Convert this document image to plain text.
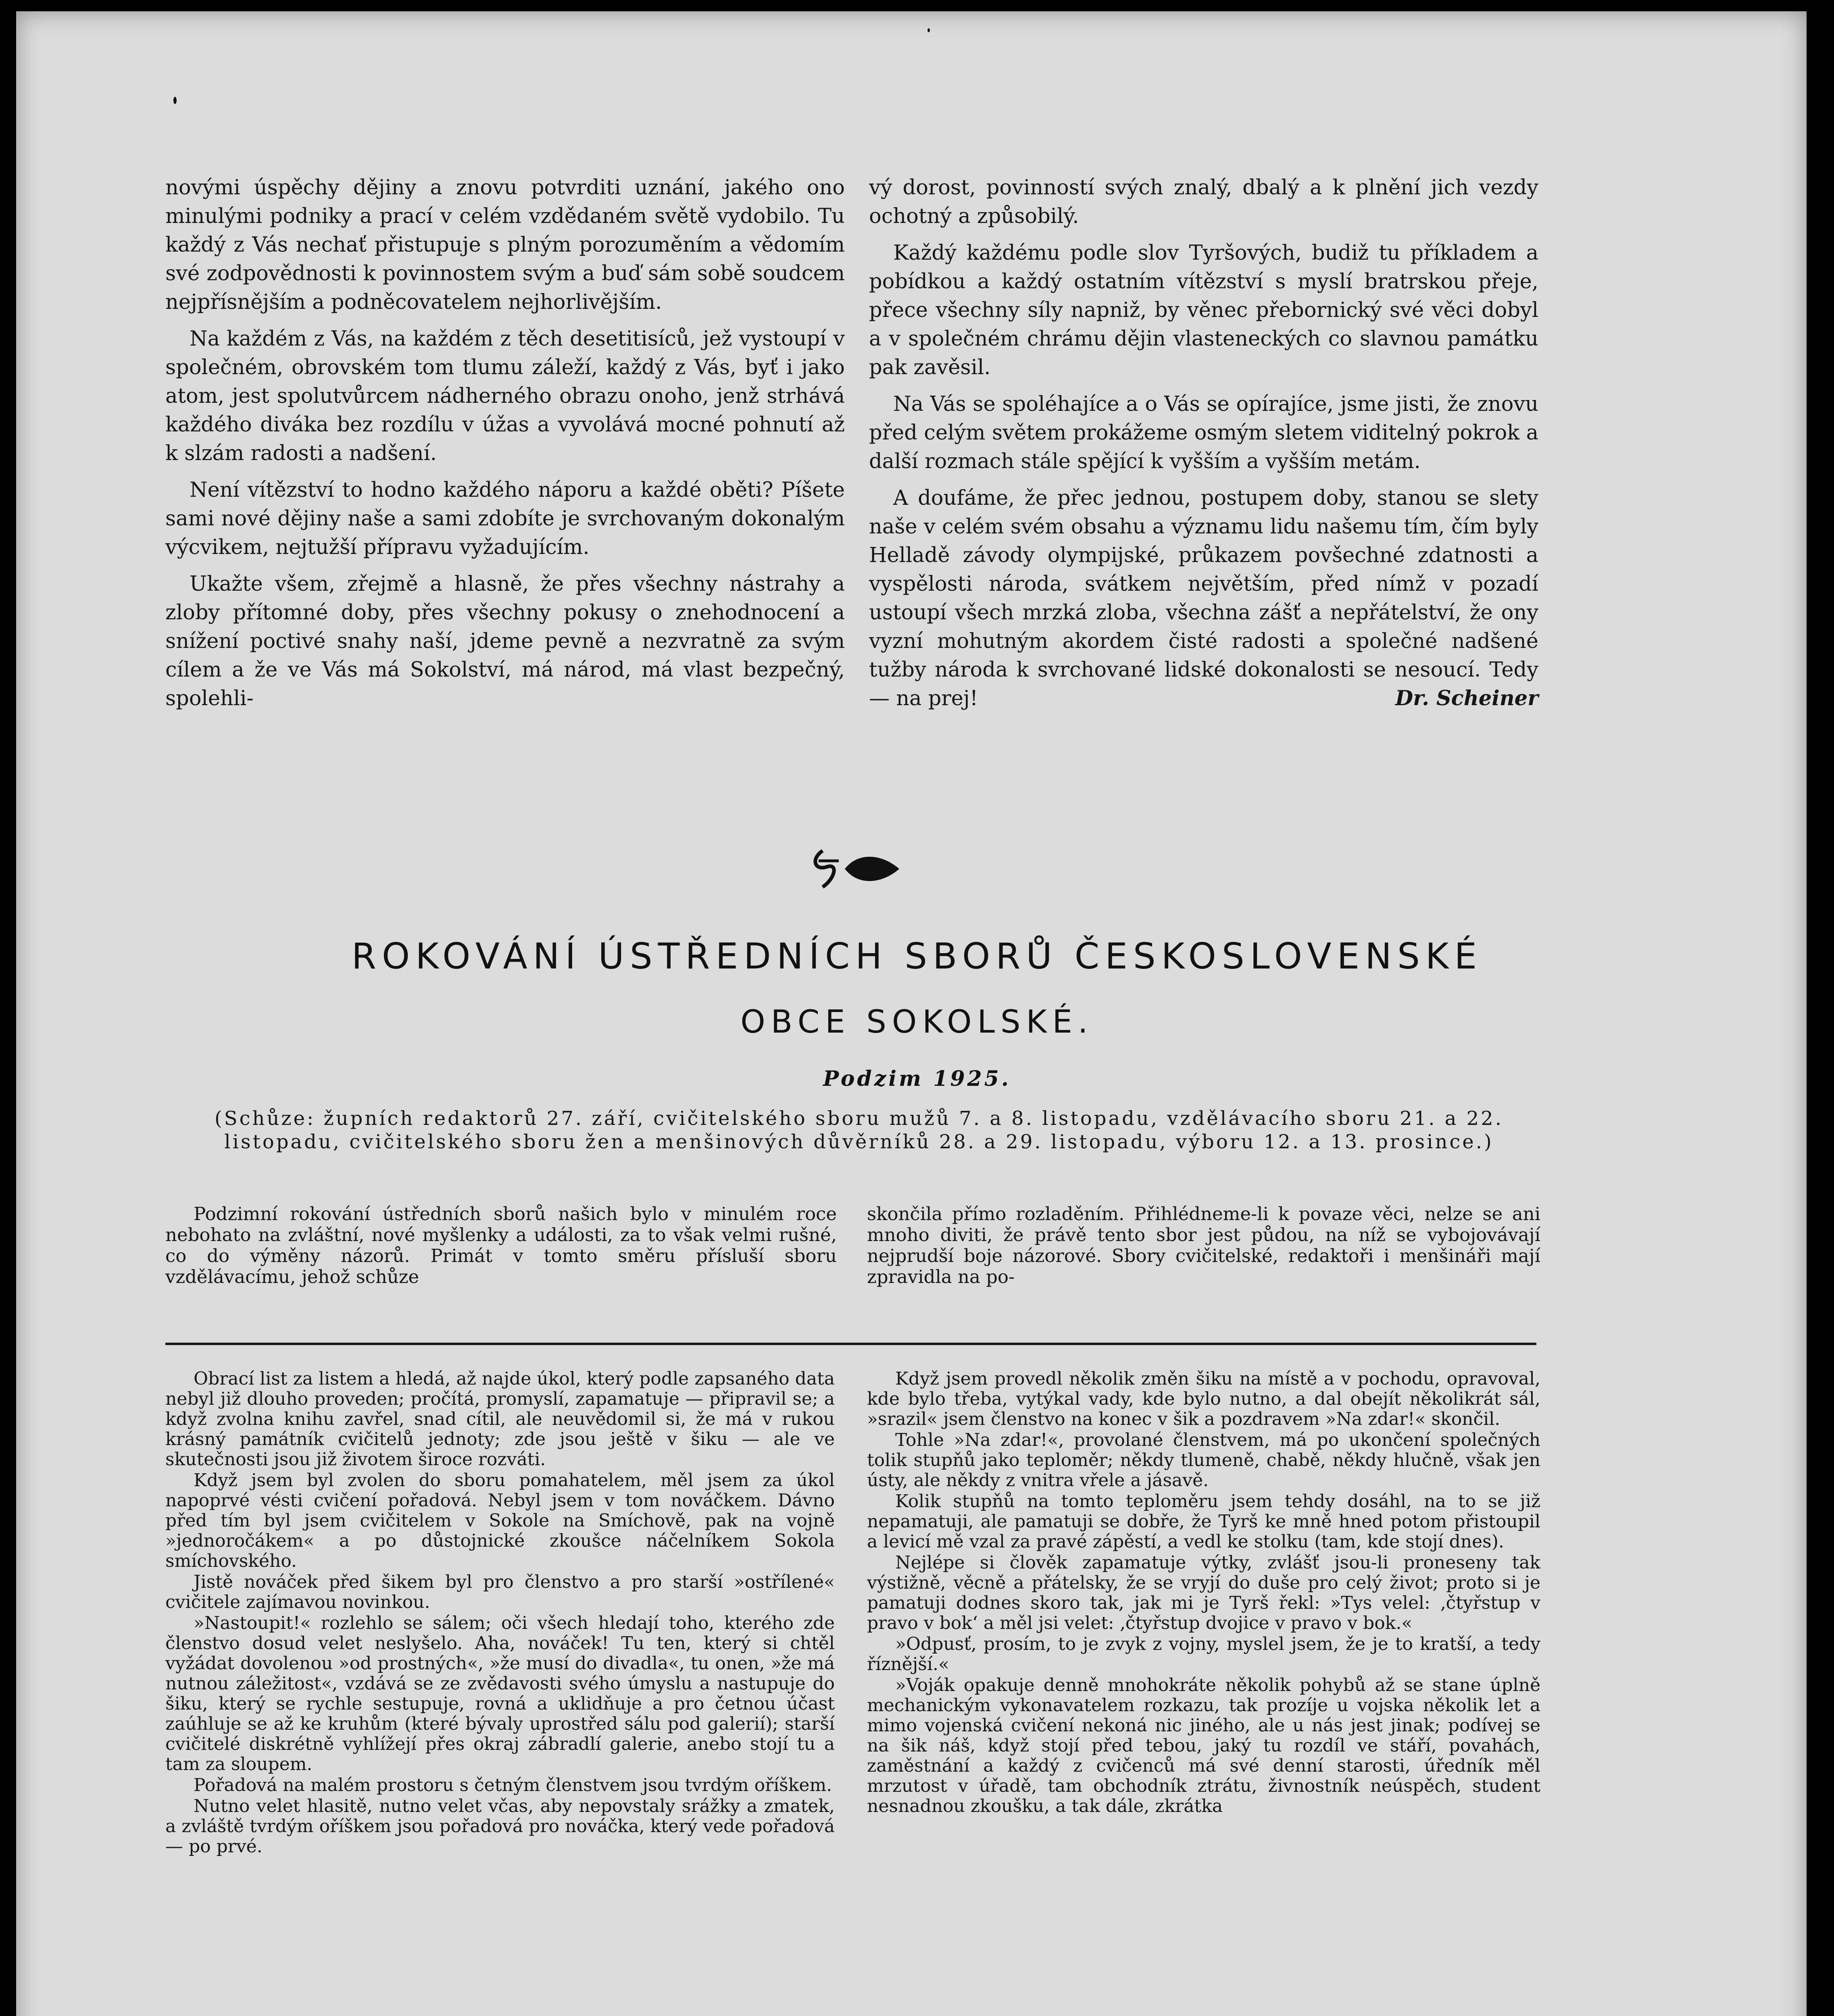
novými úspěchy dějiny a znovu potvrditi uznání, jakého ono minulými podniky a prací v celém vzdědaném světě vydobilo. Tu každý z Vás nechať přistupuje s plným porozuměním a vědomím své zodpovědnosti k povinnostem svým a buď sám sobě soudcem nejpřísnějším a podněcovatelem nejhorlivějším.

Na každém z Vás, na každém z těch desetitisíců, jež vystoupí v společném, obrovském tom tlumu záleží, každý z Vás, byť i jako atom, jest spolutvůrcem nádherného obrazu onoho, jenž strhává každého diváka bez rozdílu v úžas a vyvolává mocné pohnutí až k slzám radosti a nadšení.

Není vítězství to hodno každého náporu a každé oběti? Píšete sami nové dějiny naše a sami zdobíte je svrchovaným dokonalým výcvikem, nejtužší přípravu vyžadujícím.

Ukažte všem, zřejmě a hlasně, že přes všechny nástrahy a zloby přítomné doby, přes všechny pokusy o znehodnocení a snížení poctivé snahy naší, jdeme pevně a nezvratně za svým cílem a že ve Vás má Sokolství, má národ, má vlast bezpečný, spolehli-

vý dorost, povinností svých znalý, dbalý a k plnění jich vezdy ochotný a způsobilý.

Každý každému podle slov Tyršových, budiž tu příkladem a pobídkou a každý ostatním vítězství s myslí bratrskou přeje, přece všechny síly napniž, by věnec přebornický své věci dobyl a v společném chrámu dějin vlasteneckých co slavnou památku pak zavěsil.

Na Vás se spoléhajíce a o Vás se opírajíce, jsme jisti, že znovu před celým světem prokážeme osmým sletem viditelný pokrok a další rozmach stále spějící k vyšším a vyšším metám.

A doufáme, že přec jednou, postupem doby, stanou se slety naše v celém svém obsahu a významu lidu našemu tím, čím byly Helladě závody olympijské, průkazem povšechné zdatnosti a vyspělosti národa, svátkem největším, před nímž v pozadí ustoupí všech mrzká zloba, všechna zášť a nepřátelství, že ony vyzní mohutným akordem čisté radosti a společné nadšené tužby národa k svrchované lidské dokonalosti se nesoucí. Tedy — na prej!	Dr. Scheiner

ROKOVÁNÍ ÚSTŘEDNÍCH SBORŮ ČESKOSLOVENSKÉ
OBCE SOKOLSKÉ.
Podzim 1925.
(Schůze: župních redaktorů 27. září, cvičitelského sboru mužů 7. a 8. listopadu, vzdělávacího sboru 21. a 22. listopadu, cvičitelského sboru žen a menšinových důvěrníků 28. a 29. listopadu, výboru 12. a 13. prosince.)

Podzimní rokování ústředních sborů našich bylo v minulém roce nebohato na zvláštní, nové myšlenky a události, za to však velmi rušné, co do výměny názorů. Primát v tomto směru přísluší sboru vzdělávacímu, jehož schůze

skončila přímo rozladěním. Přihlédneme-li k povaze věci, nelze se ani mnoho diviti, že právě tento sbor jest půdou, na níž se vybojovávají nejprudší boje názorové. Sbory cvičitelské, redaktoři i menšináři mají zpravidla na po-

Obrací list za listem a hledá, až najde úkol, který podle zapsaného data nebyl již dlouho proveden; pročítá, promyslí, zapamatuje — připravil se; a když zvolna knihu zavřel, snad cítil, ale neuvědomil si, že má v rukou krásný památník cvičitelů jednoty; zde jsou ještě v šiku — ale ve skutečnosti jsou již životem široce rozváti.

Když jsem byl zvolen do sboru pomahatelem, měl jsem za úkol napoprvé vésti cvičení pořadová. Nebyl jsem v tom nováčkem. Dávno před tím byl jsem cvičitelem v Sokole na Smíchově, pak na vojně »jednoročákem« a po důstojnické zkoušce náčelníkem Sokola smíchovského.

Jistě nováček před šikem byl pro členstvo a pro starší »ostřílené« cvičitele zajímavou novinkou.

»Nastoupit!« rozlehlo se sálem; oči všech hledají toho, kterého zde členstvo dosud velet neslyšelo. Aha, nováček! Tu ten, který si chtěl vyžádat dovolenou »od prostných«, »že musí do divadla«, tu onen, »že má nutnou záležitost«, vzdává se ze zvědavosti svého úmyslu a nastupuje do šiku, který se rychle sestupuje, rovná a uklidňuje a pro četnou účast zaúhluje se až ke kruhům (které bývaly uprostřed sálu pod galerií); starší cvičitelé diskrétně vyhlížejí přes okraj zábradlí galerie, anebo stojí tu a tam za sloupem.

Pořadová na malém prostoru s četným členstvem jsou tvrdým oříškem.

Nutno velet hlasitě, nutno velet včas, aby nepovstaly srážky a zmatek, a zvláště tvrdým oříškem jsou pořadová pro nováčka, který vede pořadová — po prvé.

Když jsem provedl několik změn šiku na místě a v pochodu, opravoval, kde bylo třeba, vytýkal vady, kde bylo nutno, a dal obejít několikrát sál, »srazil« jsem členstvo na konec v šik a pozdravem »Na zdar!« skončil.

Tohle »Na zdar!«, provolané členstvem, má po ukončení společných tolik stupňů jako teploměr; někdy tlumeně, chabě, někdy hlučně, však jen ústy, ale někdy z vnitra vřele a jásavě.

Kolik stupňů na tomto teploměru jsem tehdy dosáhl, na to se již nepamatuji, ale pamatuji se dobře, že Tyrš ke mně hned potom přistoupil a levicí mě vzal za pravé zápěstí, a vedl ke stolku (tam, kde stojí dnes).

Nejlépe si člověk zapamatuje výtky, zvlášť jsou-li proneseny tak výstižně, věcně a přátelsky, že se vryjí do duše pro celý život; proto si je pamatuji dodnes skoro tak, jak mi je Tyrš řekl: »Tys velel: ‚čtyřstup v pravo v bok‘ a měl jsi velet: ‚čtyřstup dvojice v pravo v bok.«

»Odpusť, prosím, to je zvyk z vojny, myslel jsem, že je to kratší, a tedy říznější.«

»Voják opakuje denně mnohokráte několik pohybů až se stane úplně mechanickým vykonavatelem rozkazu, tak prozíje u vojska několik let a mimo vojenská cvičení nekoná nic jiného, ale u nás jest jinak; podívej se na šik náš, když stojí před tebou, jaký tu rozdíl ve stáří, povahách, zaměstnání a každý z cvičenců má své denní starosti, úředník měl mrzutost v úřadě, tam obchodník ztrátu, živnostník neúspěch, student nesnadnou zkoušku, a tak dále, zkrátka
